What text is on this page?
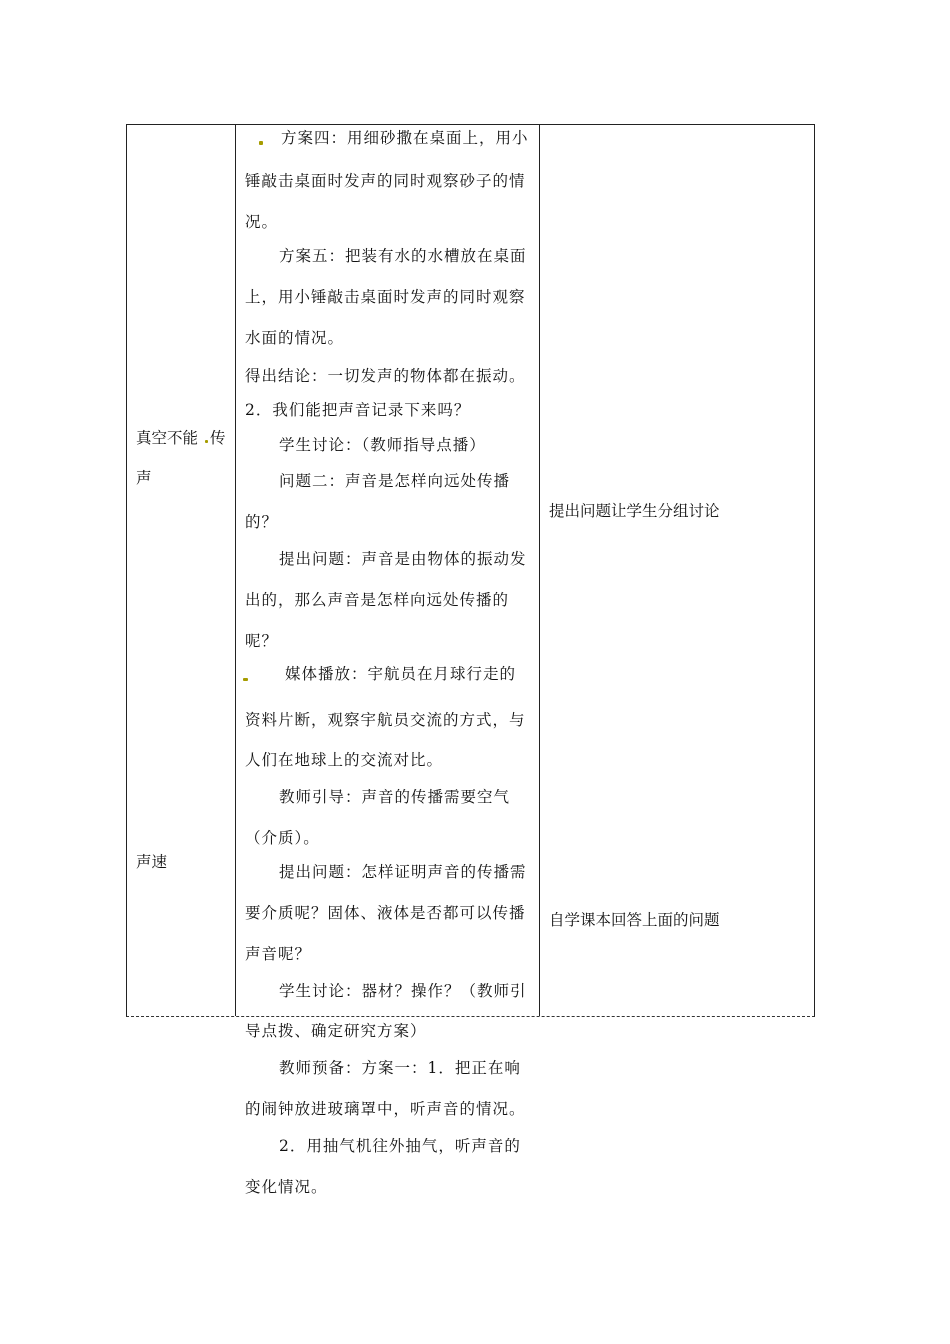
真空不能 传
声
声速
方案四：用细砂撒在桌面上，用小
锤敲击桌面时发声的同时观察砂子的情
况。
方案五：把装有水的水槽放在桌面
上，用小锤敲击桌面时发声的同时观察
水面的情况。
得出结论：一切发声的物体都在振动。
2．我们能把声音记录下来吗？
学生讨论：（教师指导点播）
问题二：声音是怎样向远处传播
的？
提出问题：声音是由物体的振动发
出的，那么声音是怎样向远处传播的
呢？
媒体播放：宇航员在月球行走的
资料片断，观察宇航员交流的方式，与
人们在地球上的交流对比。
教师引导：声音的传播需要空气
（介质）。
提出问题：怎样证明声音的传播需
要介质呢？固体、液体是否都可以传播
声音呢？
学生讨论：器材？操作？（教师引
导点拨、确定研究方案）
教师预备：方案一：1．把正在响
的闹钟放进玻璃罩中，听声音的情况。
2．用抽气机往外抽气，听声音的
变化情况。
提出问题让学生分组讨论
自学课本回答上面的问题
